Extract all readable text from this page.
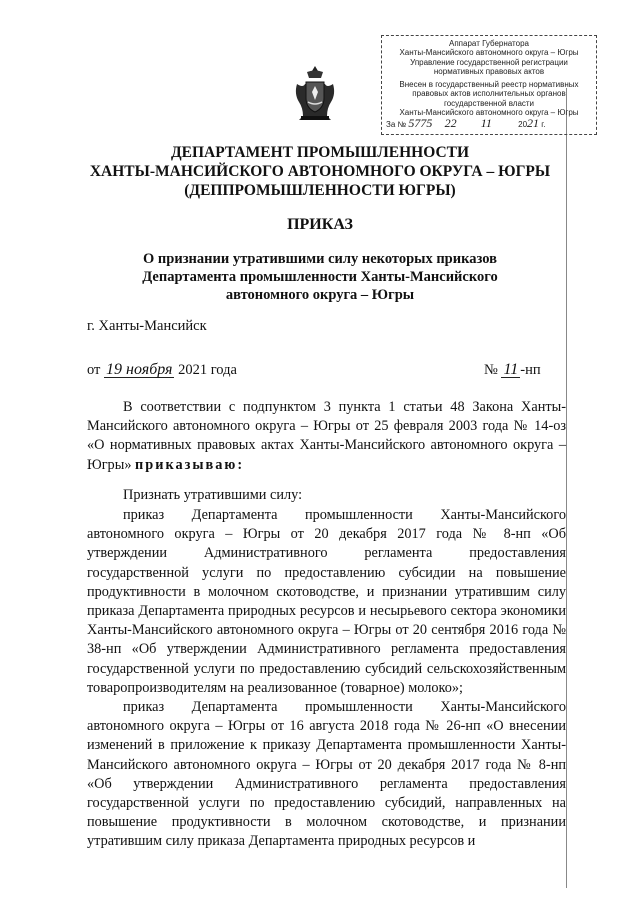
Аппарат Губернатора
Ханты-Мансийского автономного округа – Югры
Управление государственной регистрации
нормативных правовых актов
Внесен в государственный реестр нормативных
правовых актов исполнительных органов
государственной власти
Ханты-Мансийского автономного округа – Югры
За № 5775 22 11	2021 г.
ДЕПАРТАМЕНТ ПРОМЫШЛЕННОСТИ
ХАНТЫ-МАНСИЙСКОГО АВТОНОМНОГО ОКРУГА – ЮГРЫ
(ДЕППРОМЫШЛЕННОСТИ ЮГРЫ)
ПРИКАЗ
О признании утратившими силу некоторых приказов
Департамента промышленности Ханты-Мансийского
автономного округа – Югры
г. Ханты-Мансийск
от 19 ноября 2021 года	№ 11 -нп

В соответствии с подпунктом 3 пункта 1 статьи 48 Закона Ханты-Мансийского автономного округа – Югры от 25 февраля 2003 года № 14-оз «О нормативных правовых актах Ханты-Мансийского автономного округа – Югры» приказываю:

Признать утратившими силу:

приказ Департамента промышленности Ханты-Мансийского автономного округа – Югры от 20 декабря 2017 года № 8-нп «Об утверждении Административного регламента предоставления государственной услуги по предоставлению субсидии на повышение продуктивности в молочном скотоводстве, и признании утратившим силу приказа Департамента природных ресурсов и несырьевого сектора экономики Ханты-Мансийского автономного округа – Югры от 20 сентября 2016 года № 38-нп «Об утверждении Административного регламента предоставления государственной услуги по предоставлению субсидий сельскохозяйственным товаропроизводителям на реализованное (товарное) молоко»;

приказ Департамента промышленности Ханты-Мансийского автономного округа – Югры от 16 августа 2018 года № 26-нп «О внесении изменений в приложение к приказу Департамента промышленности Ханты-Мансийского автономного округа – Югры от 20 декабря 2017 года № 8-нп «Об утверждении Административного регламента предоставления государственной услуги по предоставлению субсидий, направленных на повышение продуктивности в молочном скотоводстве, и признании утратившим силу приказа Департамента природных ресурсов и
